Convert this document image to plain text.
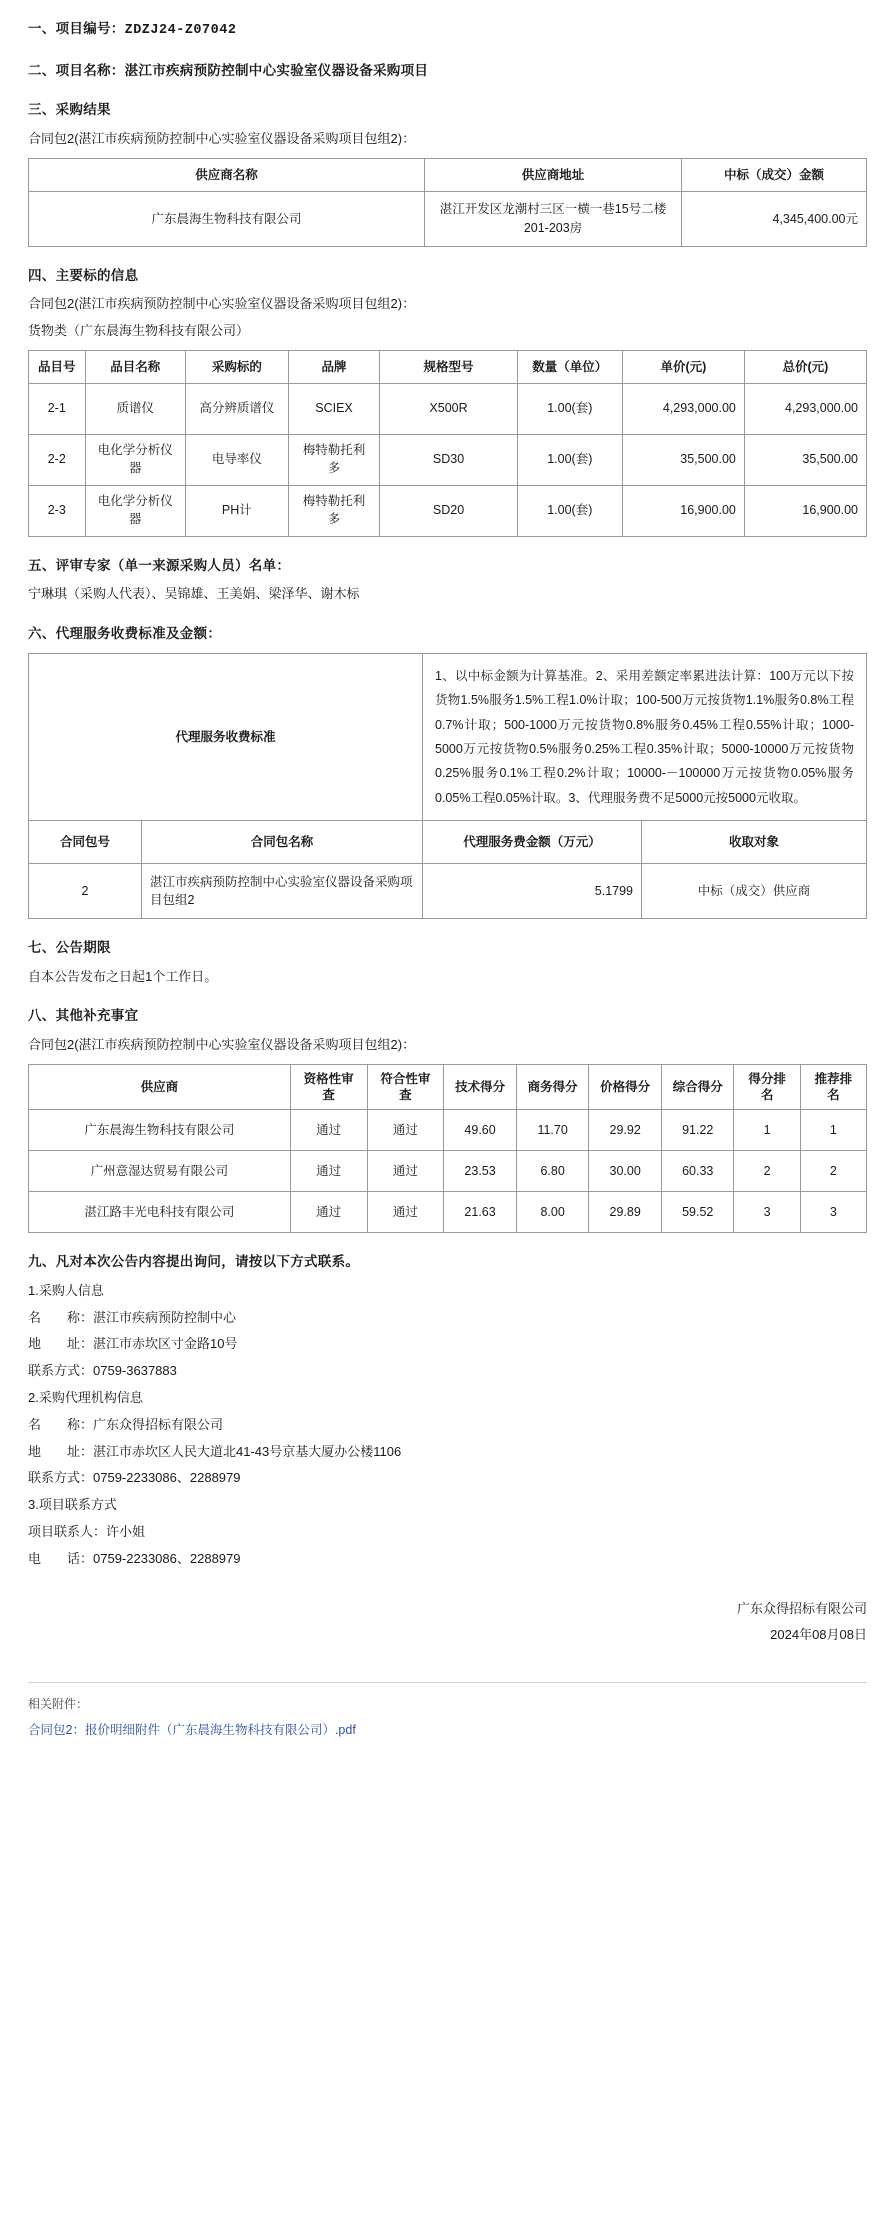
一、项目编号：ZDZJ24-Z07042
二、项目名称：湛江市疾病预防控制中心实验室仪器设备采购项目
三、采购结果
合同包2(湛江市疾病预防控制中心实验室仪器设备采购项目包组2)：
供应商名称	供应商地址	中标（成交）金额
广东晨海生物科技有限公司	湛江开发区龙潮村三区一横一巷15号二楼201-203房	4,345,400.00元
四、主要标的信息
合同包2(湛江市疾病预防控制中心实验室仪器设备采购项目包组2)：
货物类（广东晨海生物科技有限公司）
品目号	品目名称	采购标的	品牌	规格型号	数量（单位）	单价(元)	总价(元)
2-1	质谱仪	高分辨质谱仪	SCIEX	X500R	1.00(套)	4,293,000.00	4,293,000.00
2-2	电化学分析仪器	电导率仪	梅特勒托利多	SD30	1.00(套)	35,500.00	35,500.00
2-3	电化学分析仪器	PH计	梅特勒托利多	SD20	1.00(套)	16,900.00	16,900.00
五、评审专家（单一来源采购人员）名单：
宁琳琪（采购人代表）、吴锦雄、王美娟、梁泽华、谢木标
六、代理服务收费标准及金额：
代理服务收费标准		1、以中标金额为计算基准。2、采用差额定率累进法计算：100万元以下按货物1.5%服务1.5%工程1.0%计取；100-500万元按货物1.1%服务0.8%工程0.7%计取；500-1000万元按货物0.8%服务0.45%工程0.55%计取；1000-5000万元按货物0.5%服务0.25%工程0.35%计取；5000-10000万元按货物0.25%服务0.1%工程0.2%计取；10000-－100000万元按货物0.05%服务0.05%工程0.05%计取。3、代理服务费不足5000元按5000元收取。	
合同包号	合同包名称	代理服务费金额（万元）	收取对象
2	湛江市疾病预防控制中心实验室仪器设备采购项目包组2	5.1799	中标（成交）供应商
七、公告期限
自本公告发布之日起1个工作日。
八、其他补充事宜
合同包2(湛江市疾病预防控制中心实验室仪器设备采购项目包组2)：
供应商	资格性审查	符合性审查	技术得分	商务得分	价格得分	综合得分	得分排名	推荐排名
广东晨海生物科技有限公司	通过	通过	49.60	11.70	29.92	91.22	1	1
广州意湿达贸易有限公司	通过	通过	23.53	6.80	30.00	60.33	2	2
湛江路丰光电科技有限公司	通过	通过	21.63	8.00	29.89	59.52	3	3
九、凡对本次公告内容提出询问，请按以下方式联系。
1.采购人信息
名　　称：湛江市疾病预防控制中心
地　　址：湛江市赤坎区寸金路10号
联系方式：0759-3637883
2.采购代理机构信息
名　　称：广东众得招标有限公司
地　　址：湛江市赤坎区人民大道北41-43号京基大厦办公楼1106
联系方式：0759-2233086、2288979
3.项目联系方式
项目联系人：许小姐
电　　话：0759-2233086、2288979
广东众得招标有限公司
2024年08月08日
相关附件：
合同包2：报价明细附件（广东晨海生物科技有限公司）.pdf
